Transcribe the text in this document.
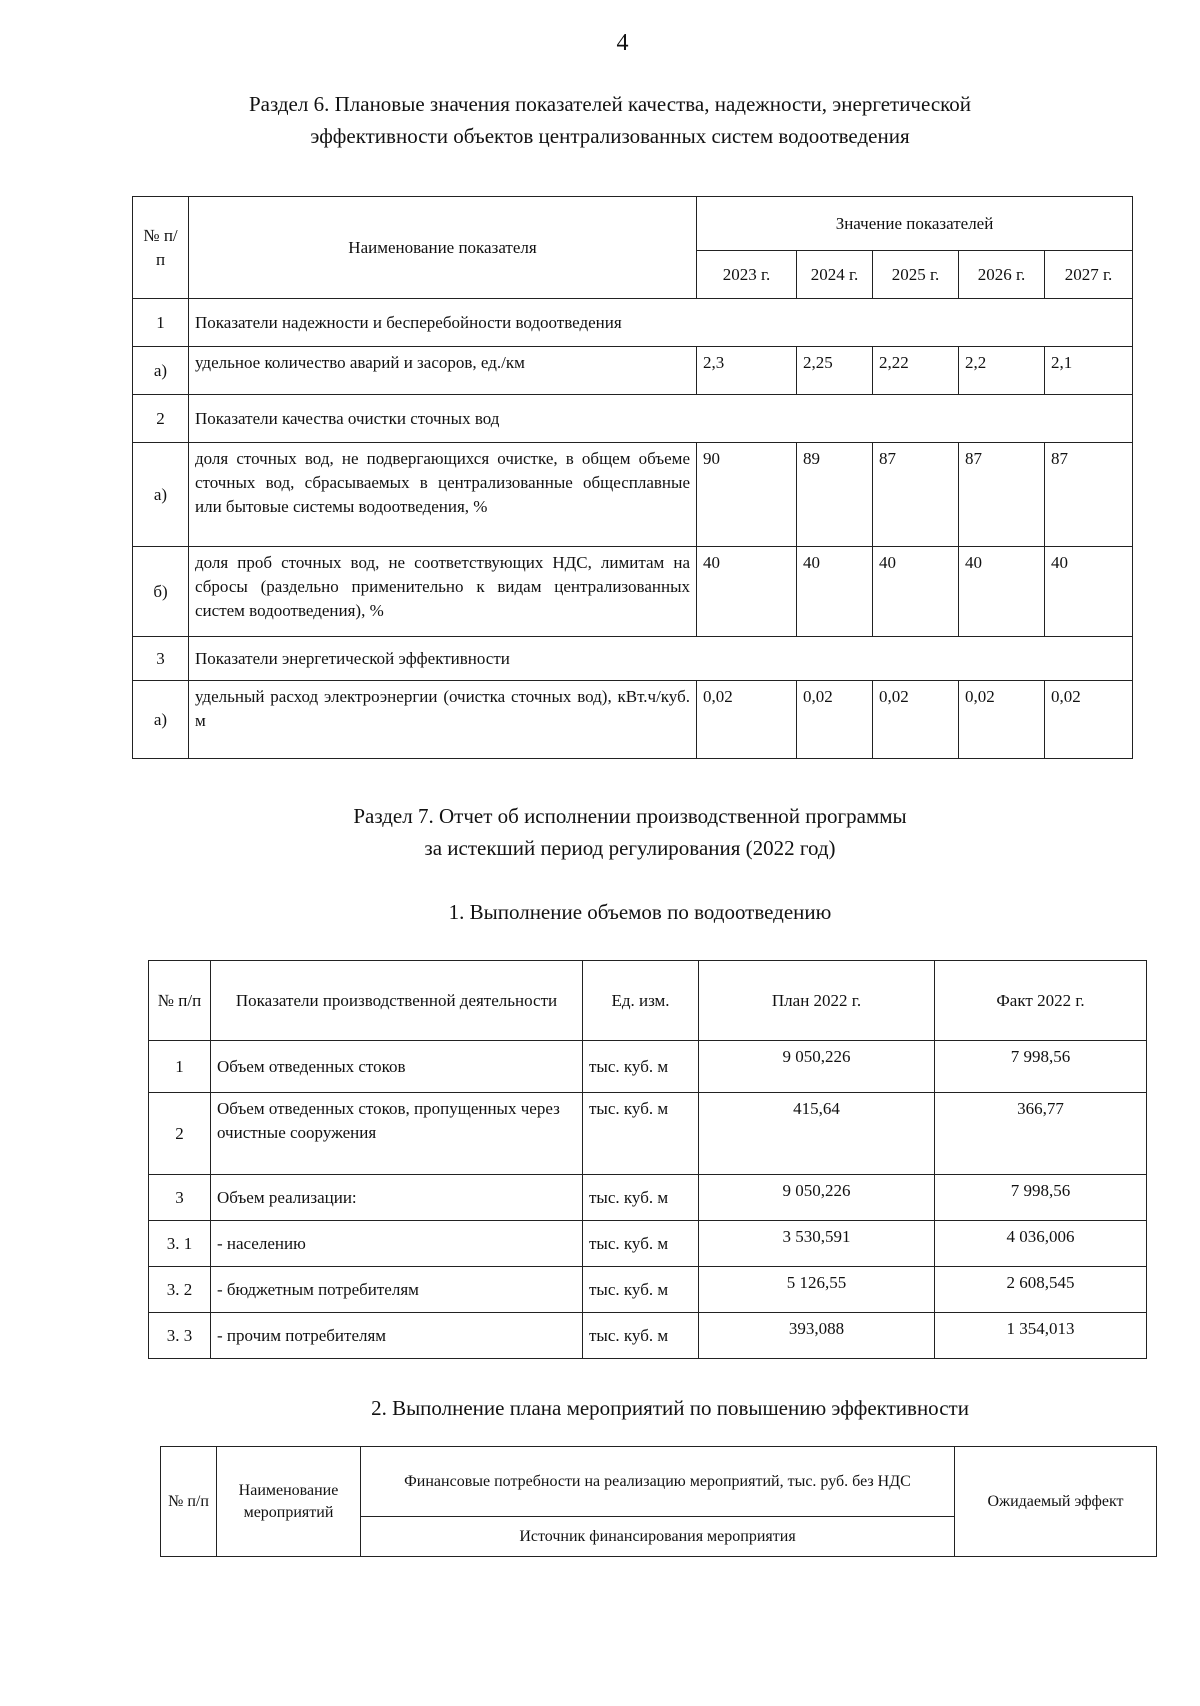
4
Раздел 6. Плановые значения показателей качества, надежности, энергетической
эффективности объектов централизованных систем водоотведения
№ п/п	Наименование показателя	Значение показателей				
		2023 г.	2024 г.	2025 г.	2026 г.	2027 г.
1	Показатели надежности и бесперебойности водоотведения					
а)	удельное количество аварий и засоров, ед./км	2,3	2,25	2,22	2,2	2,1
2	Показатели качества очистки сточных вод					
а)	доля сточных вод, не подвергающихся очистке, в общем объеме сточных вод, сбрасываемых в централизованные общесплавные или бытовые системы водоотведения, %	90	89	87	87	87
б)	доля проб сточных вод, не соответствующих НДС, лимитам на сбросы (раздельно применительно к видам централизованных систем водоотведения), %	40	40	40	40	40
3	Показатели энергетической эффективности					
а)	удельный расход электроэнергии (очистка сточных вод), кВт.ч/куб. м	0,02	0,02	0,02	0,02	0,02
Раздел 7. Отчет об исполнении производственной программы
за истекший период регулирования (2022 год)
1. Выполнение объемов по водоотведению
№ п/п	Показатели производственной деятельности	Ед. изм.	План 2022 г.	Факт 2022 г.
1	Объем отведенных стоков	тыс. куб. м	9 050,226	7 998,56
2	Объем отведенных стоков, пропущенных через очистные сооружения	тыс. куб. м	415,64	366,77
3	Объем реализации:	тыс. куб. м	9 050,226	7 998,56
3. 1	- населению	тыс. куб. м	3 530,591	4 036,006
3. 2	- бюджетным потребителям	тыс. куб. м	5 126,55	2 608,545
3. 3	- прочим потребителям	тыс. куб. м	393,088	1 354,013
2. Выполнение плана мероприятий по повышению эффективности
№ п/п	Наименование мероприятий	Финансовые потребности на реализацию мероприятий, тыс. руб. без НДС	Ожидаемый эффект
Источник финансирования мероприятия
